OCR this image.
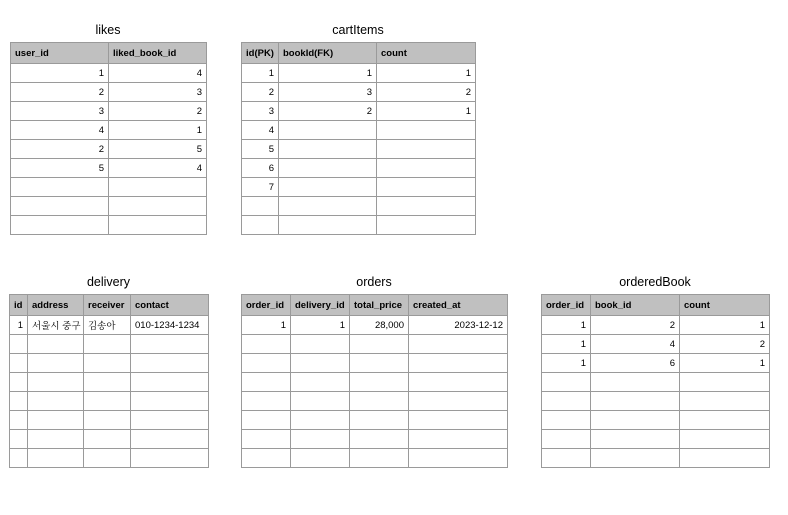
likes
user_id	liked_book_id
1	4
2	3
3	2
4	1
2	5
5	4

cartItems
id(PK)	bookId(FK)	count
1	1	1
2	3	2
3	2	1
4		
5		
6		
7		

delivery
id	address	receiver	contact
1	서울시 중구	김송아	010-1234-1234

orders
order_id	delivery_id	total_price	created_at
1	1	28,000	2023-12-12

orderedBook
order_id	book_id	count
1	2	1
1	4	2
1	6	1
